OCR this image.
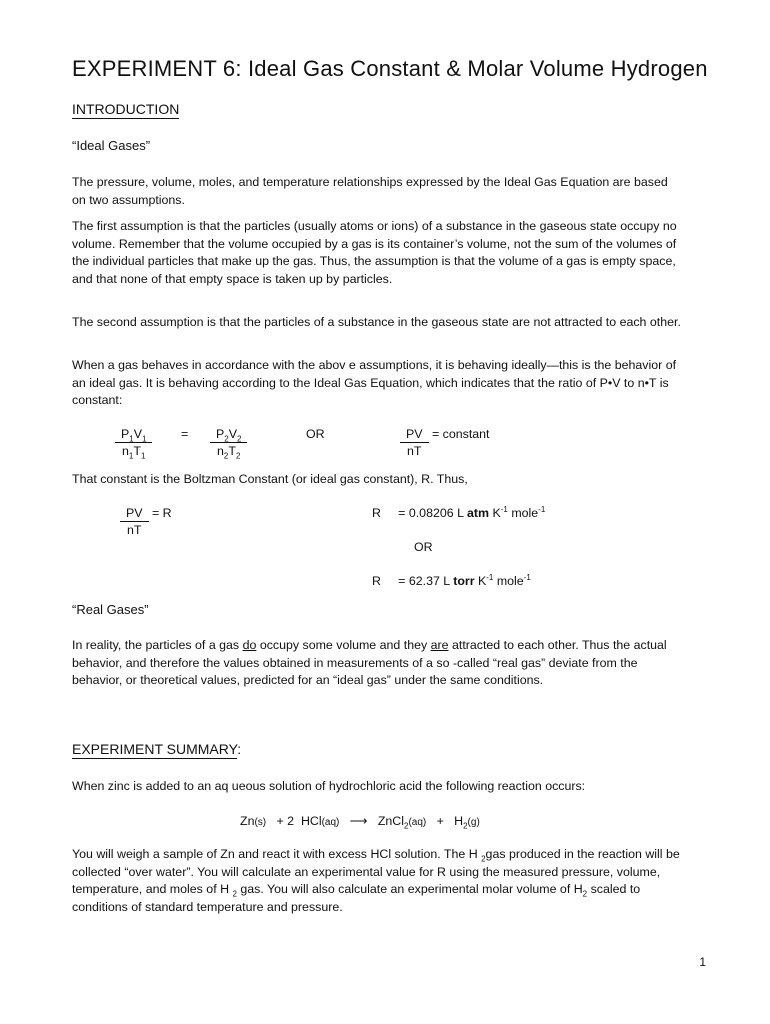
EXPERIMENT 6: Ideal Gas Constant & Molar Volume Hydrogen
INTRODUCTION
“Ideal Gases”
The pressure, volume, moles, and temperature relationships expressed by the Ideal Gas Equation are based on two assumptions.
The first assumption is that the particles (usually atoms or ions) of a substance in the gaseous state occupy no volume. Remember that the volume occupied by a gas is its container’s volume, not the sum of the volumes of the individual particles that make up the gas. Thus, the assumption is that the volume of a gas is empty space, and that none of that empty space is taken up by particles.
The second assumption is that the particles of a substance in the gaseous state are not attracted to each other.
When a gas behaves in accordance with the abov e assumptions, it is behaving ideally—this is the behavior of an ideal gas. It is behaving according to the Ideal Gas Equation, which indicates that the ratio of P•V to n•T is constant:
$\frac{P_1V_1}{n_1T_1} = \frac{P_2V_2}{n_2T_2}$	OR	$\frac{PV}{nT}$ = constant
That constant is the Boltzman Constant (or ideal gas constant), R. Thus,
$\frac{PV}{nT} = R$	R = 0.08206 L atm $K^{-1}$ mole$^{-1}$
OR
R = 62.37 L torr $K^{-1}$ mole$^{-1}$
“Real Gases”
In reality, the particles of a gas do occupy some volume and they are attracted to each other. Thus the actual behavior, and therefore the values obtained in measurements of a so -called “real gas” deviate from the behavior, or theoretical values, predicted for an “ideal gas” under the same conditions.
EXPERIMENT SUMMARY:
When zinc is added to an aq ueous solution of hydrochloric acid the following reaction occurs:
Zn(s) + 2 HCl(aq) ⟶ ZnCl$_2$(aq) + $H_2(g)$
You will weigh a sample of Zn and react it with excess HCl solution. The H $_2$gas produced in the reaction will be collected “over water”. You will calculate an experimental value for R using the measured pressure, volume, temperature, and moles of H $_2$ gas. You will also calculate an experimental molar volume of $H_2$ scaled to conditions of standard temperature and pressure.
1
